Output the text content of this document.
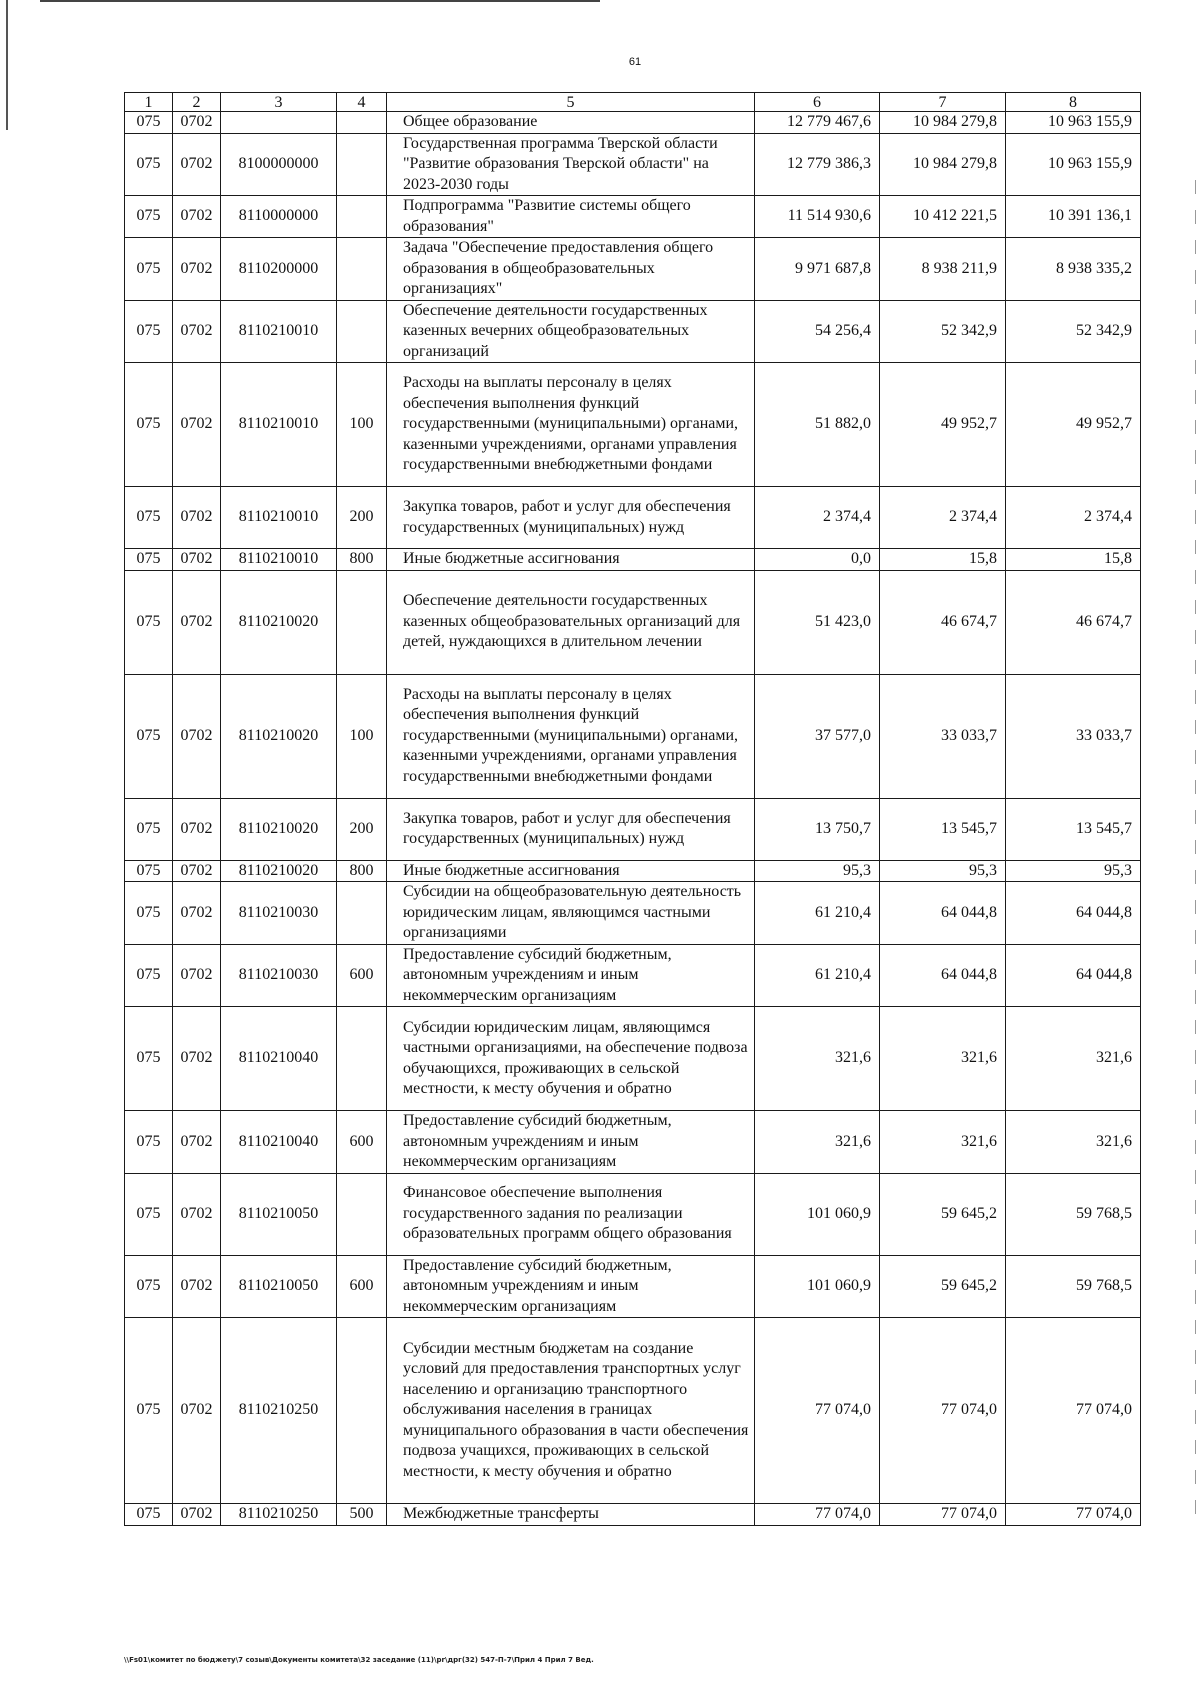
61
1	2	3	4	5	6	7	8
075	0702			Общее образование	12 779 467,6	10 984 279,8	10 963 155,9
075	0702	8100000000		Государственная программа Тверской области "Развитие образования Тверской области" на 2023-2030 годы	12 779 386,3	10 984 279,8	10 963 155,9
075	0702	8110000000		Подпрограмма "Развитие системы общего образования"	11 514 930,6	10 412 221,5	10 391 136,1
075	0702	8110200000		Задача "Обеспечение предоставления общего образования в общеобразовательных организациях"	9 971 687,8	8 938 211,9	8 938 335,2
075	0702	8110210010		Обеспечение деятельности государственных казенных вечерних общеобразовательных организаций	54 256,4	52 342,9	52 342,9
075	0702	8110210010	100	Расходы на выплаты персоналу в целях обеспечения выполнения функций государственными (муниципальными) органами, казенными учреждениями, органами управления государственными внебюджетными фондами	51 882,0	49 952,7	49 952,7
075	0702	8110210010	200	Закупка товаров, работ и услуг для обеспечения государственных (муниципальных) нужд	2 374,4	2 374,4	2 374,4
075	0702	8110210010	800	Иные бюджетные ассигнования	0,0	15,8	15,8
075	0702	8110210020		Обеспечение деятельности государственных казенных общеобразовательных организаций для детей, нуждающихся в длительном лечении	51 423,0	46 674,7	46 674,7
075	0702	8110210020	100	Расходы на выплаты персоналу в целях обеспечения выполнения функций государственными (муниципальными) органами, казенными учреждениями, органами управления государственными внебюджетными фондами	37 577,0	33 033,7	33 033,7
075	0702	8110210020	200	Закупка товаров, работ и услуг для обеспечения государственных (муниципальных) нужд	13 750,7	13 545,7	13 545,7
075	0702	8110210020	800	Иные бюджетные ассигнования	95,3	95,3	95,3
075	0702	8110210030		Субсидии на общеобразовательную деятельность юридическим лицам, являющимся частными организациями	61 210,4	64 044,8	64 044,8
075	0702	8110210030	600	Предоставление субсидий бюджетным, автономным учреждениям и иным некоммерческим организациям	61 210,4	64 044,8	64 044,8
075	0702	8110210040		Субсидии юридическим лицам, являющимся частными организациями, на обеспечение подвоза обучающихся, проживающих в сельской местности, к месту обучения и обратно	321,6	321,6	321,6
075	0702	8110210040	600	Предоставление субсидий бюджетным, автономным учреждениям и иным некоммерческим организациям	321,6	321,6	321,6
075	0702	8110210050		Финансовое обеспечение выполнения государственного задания по реализации образовательных программ общего образования	101 060,9	59 645,2	59 768,5
075	0702	8110210050	600	Предоставление субсидий бюджетным, автономным учреждениям и иным некоммерческим организациям	101 060,9	59 645,2	59 768,5
075	0702	8110210250		Субсидии местным бюджетам на создание условий для предоставления транспортных услуг населению и организацию транспортного обслуживания населения в границах муниципального образования в части обеспечения подвоза учащихся, проживающих в сельской местности, к месту обучения и обратно	77 074,0	77 074,0	77 074,0
075	0702	8110210250	500	Межбюджетные трансферты	77 074,0	77 074,0	77 074,0
\\Fs01\комитет по бюджету\7 созыв\Документы комитета\32 заседание (11)\pr\дрг(32) 547-П-7\Прил 4 Прил 7 Вед.
